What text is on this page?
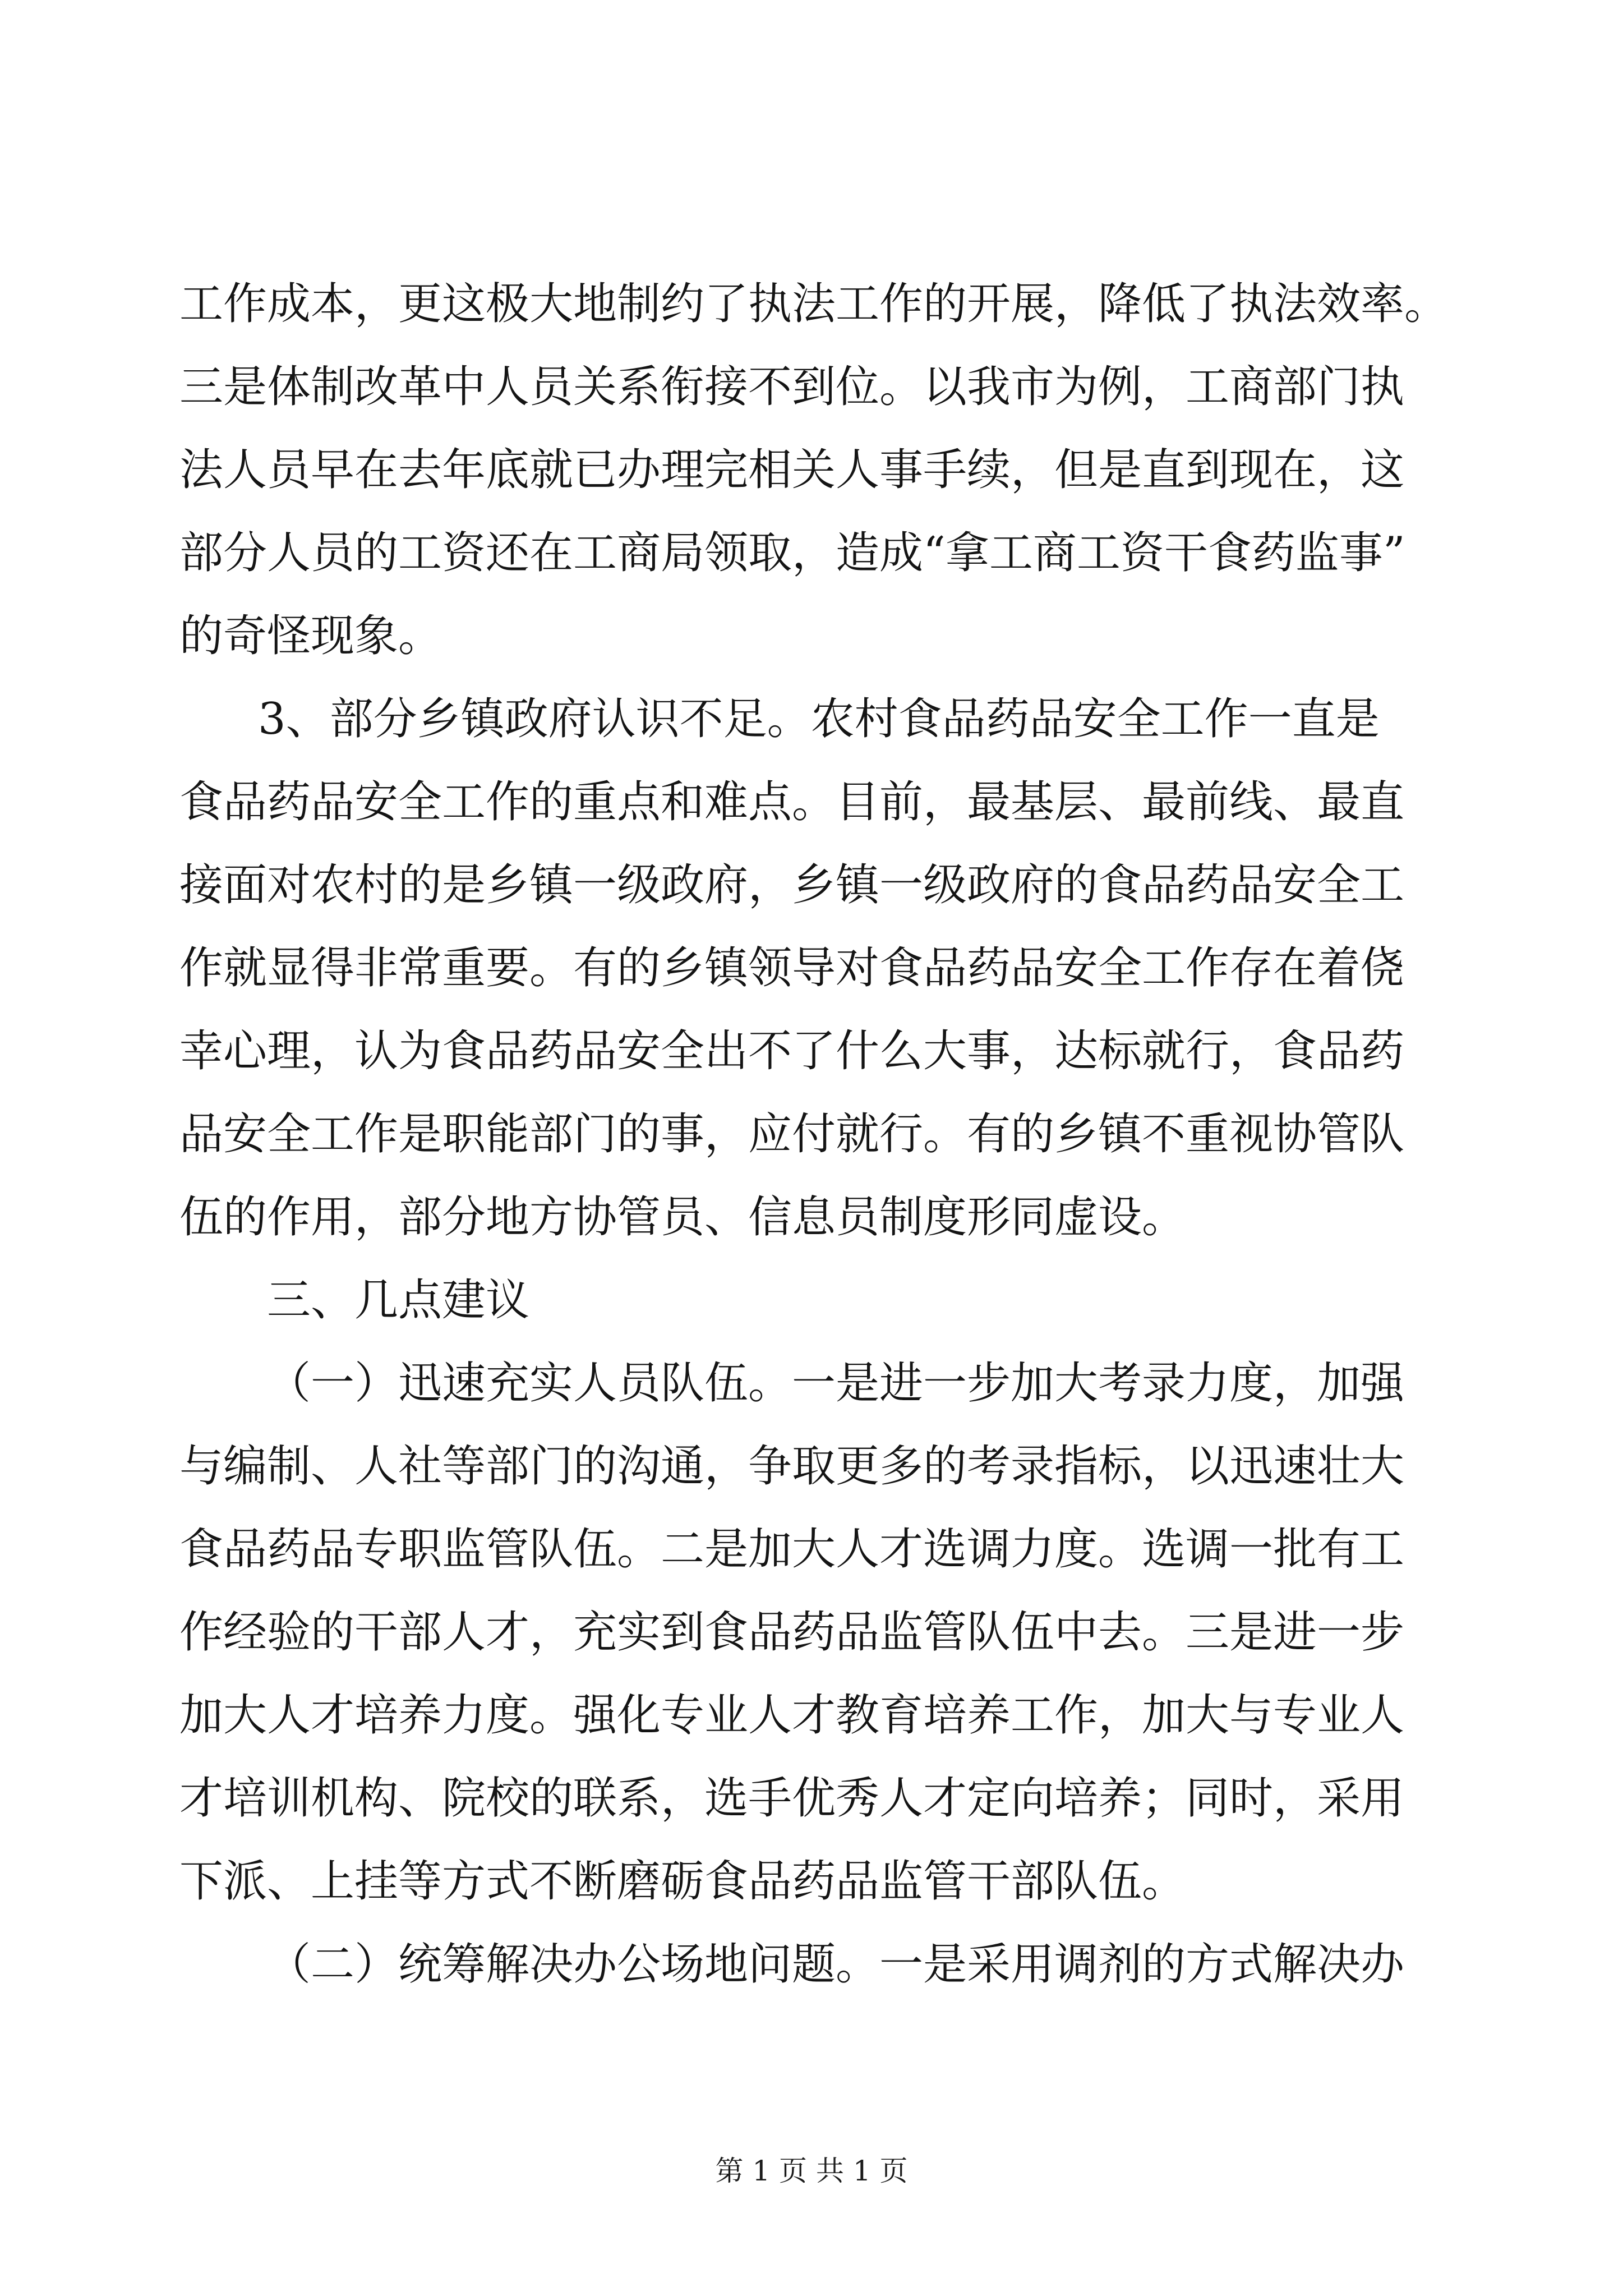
工作成本，更这极大地制约了执法工作的开展，降低了执法效率。
三是体制改革中人员关系衔接不到位。以我市为例，工商部门执
法人员早在去年底就已办理完相关人事手续，但是直到现在，这
部分人员的工资还在工商局领取，造成“拿工商工资干食药监事”
的奇怪现象。
3、部分乡镇政府认识不足。农村食品药品安全工作一直是
食品药品安全工作的重点和难点。目前，最基层、最前线、最直
接面对农村的是乡镇一级政府，乡镇一级政府的食品药品安全工
作就显得非常重要。有的乡镇领导对食品药品安全工作存在着侥
幸心理，认为食品药品安全出不了什么大事，达标就行，食品药
品安全工作是职能部门的事，应付就行。有的乡镇不重视协管队
伍的作用，部分地方协管员、信息员制度形同虚设。
三、几点建议
（一）迅速充实人员队伍。一是进一步加大考录力度，加强
与编制、人社等部门的沟通，争取更多的考录指标，以迅速壮大
食品药品专职监管队伍。二是加大人才选调力度。选调一批有工
作经验的干部人才，充实到食品药品监管队伍中去。三是进一步
加大人才培养力度。强化专业人才教育培养工作，加大与专业人
才培训机构、院校的联系，选手优秀人才定向培养；同时，采用
下派、上挂等方式不断磨砺食品药品监管干部队伍。
（二）统筹解决办公场地问题。一是采用调剂的方式解决办
第 1 页 共 1 页
